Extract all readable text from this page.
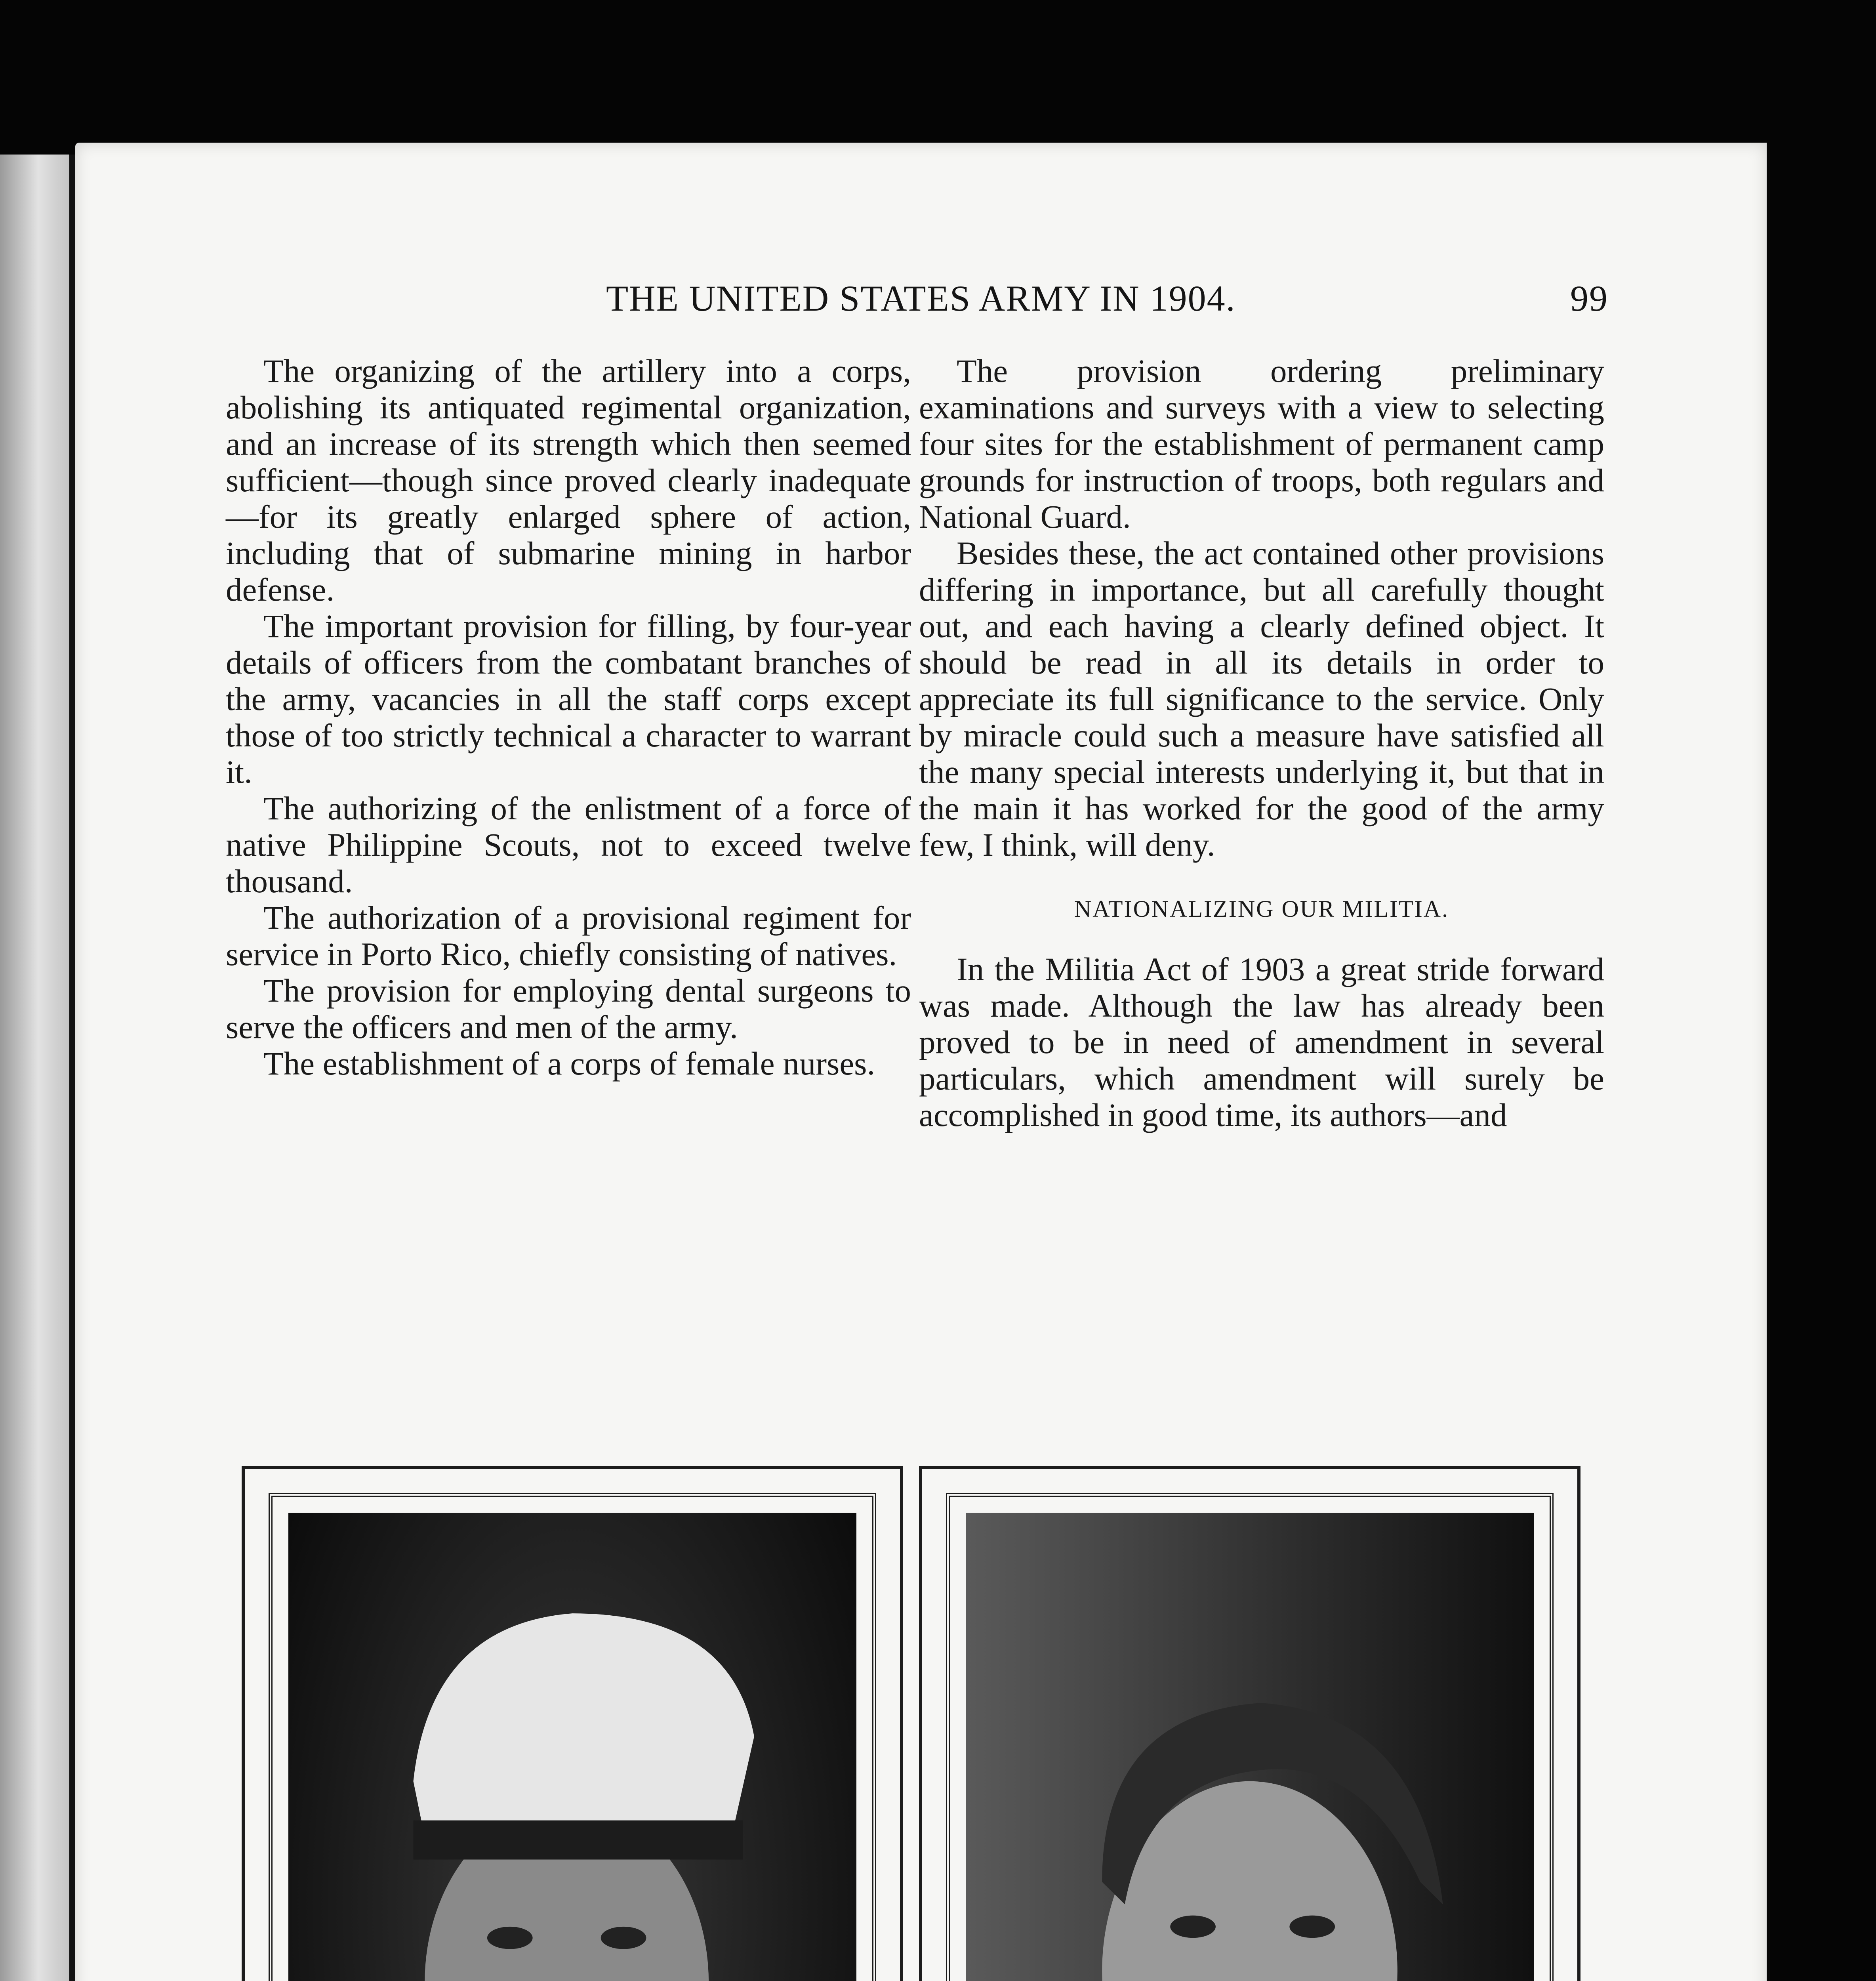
THE UNITED STATES ARMY IN 1904.	99

The organizing of the artillery into a corps, abolishing its antiquated regimental organization, and an increase of its strength which then seemed sufficient—though since proved clearly inadequate—for its greatly enlarged sphere of action, including that of submarine mining in harbor defense.

The important provision for filling, by four-year details of officers from the combatant branches of the army, vacancies in all the staff corps except those of too strictly technical a character to warrant it.

The authorizing of the enlistment of a force of native Philippine Scouts, not to exceed twelve thousand.

The authorization of a provisional regiment for service in Porto Rico, chiefly consisting of natives.

The provision for employing dental surgeons to serve the officers and men of the army.

The establishment of a corps of female nurses.

The provision ordering preliminary examinations and surveys with a view to selecting four sites for the establishment of permanent camp grounds for instruction of troops, both regulars and National Guard.

Besides these, the act contained other provisions differing in importance, but all carefully thought out, and each having a clearly defined object. It should be read in all its details in order to appreciate its full significance to the service. Only by miracle could such a measure have satisfied all the many special interests underlying it, but that in the main it has worked for the good of the army few, I think, will deny.

NATIONALIZING OUR MILITIA.

In the Militia Act of 1903 a great stride forward was made. Although the law has already been proved to be in need of amendment in several particulars, which amendment will surely be accomplished in good time, its authors—and
